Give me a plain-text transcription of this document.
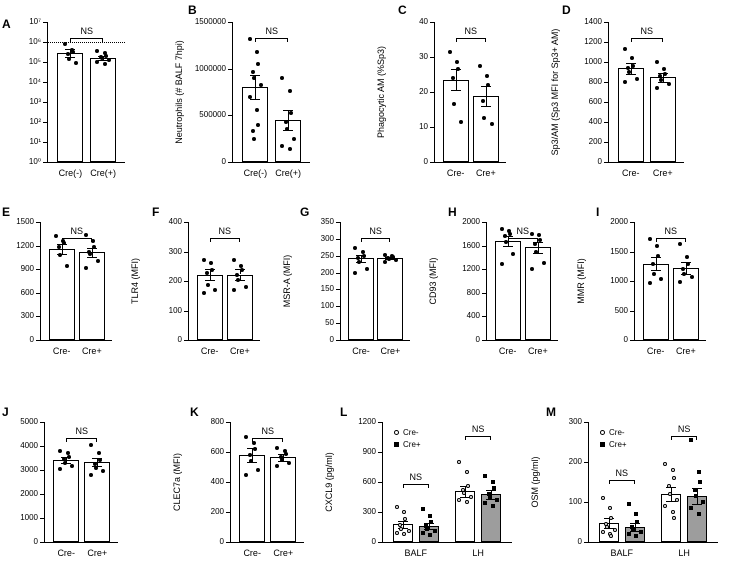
A
10⁰
10¹
10²
10³
10⁴
10⁵
10⁶
10⁷
Cre(-) Cre(+)
NS
B
0
500000
1000000
1500000
Neutrophils (# BALF 7hpi)
Cre(-) Cre(+)
NS
C
0
10
20
30
40
Phagocytic AM (%Sp3)
Cre-	Cre+
NS
D
0
200
400
600
800
1000
1200
1400
Sp3/AM (Sp3 MFI for Sp3+ AM)
Cre-	Cre+
NS
E
0
300
600
900
1200
1500
Cre-	Cre+
NS
F
0
100
200
300
400
TLR4 (MFI)
Cre-	Cre+
NS
G
0
50
100
150
200
250
300
350
MSR-A (MFI)
Cre-	Cre+
NS
H
0
400
800
1200
1600
2000
CD93 (MFI)
Cre-	Cre+
NS
I
0
500
1000
1500
2000
MMR (MFI)
Cre-	Cre+
NS
J
0
1000
2000
3000
4000
5000
Cre-	Cre+
NS
K
0
200
400
600
800
CLEC7a (MFI)
Cre-	Cre+
NS
L
0
300
600
900
1200
CXCL9 (pg/ml)
BALF	LH
NS
NS
Cre-
Cre+
M
0
100
200
300
OSM (pg/ml)
BALF	LH
NS
NS
Cre-
Cre+
